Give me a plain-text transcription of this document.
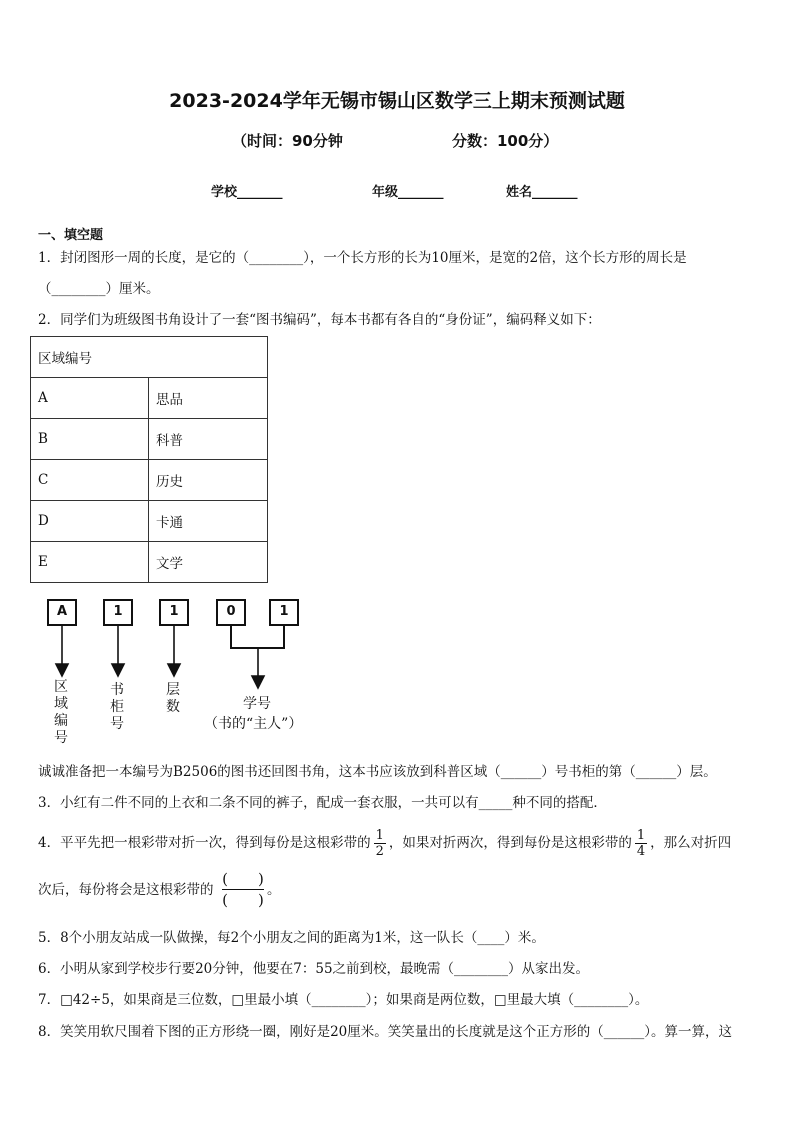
2023-2024学年无锡市锡山区数学三上期末预测试题
（时间：90分钟	分数：100分）
学校_______	年级_______	姓名_______
一、填空题
1．封闭图形一周的长度，是它的（________），一个长方形的长为10厘米，是宽的2倍，这个长方形的周长是
（________）厘米。
2．同学们为班级图书角设计了一套“图书编码”，每本书都有各自的“身份证”，编码释义如下：
区域编号	
A	思品
B	科普
C	历史
D	卡通
E	文学
A	1	1	0	1
区
域
编
号
书
柜
号
层
数	学号
（书的“主人”）
诚诚准备把一本编号为B2506的图书还回图书角，这本书应该放到科普区域（______）号书柜的第（______）层。
3．小红有二件不同的上衣和二条不同的裤子，配成一套衣服，一共可以有_____种不同的搭配．
4．平平先把一根彩带对折一次，得到每份是这根彩带的 $\frac{1}{2}$ ，如果对折两次，得到每份是这根彩带的 $\frac{1}{4}$ ，那么对折四
次后，每份将会是这根彩带的
(　　)
(　　)
。
5．8个小朋友站成一队做操，每2个小朋友之间的距离为1米，这一队长（____）米。
6．小明从家到学校步行要20分钟，他要在7：55之前到校，最晚需（________）从家出发。
7．□42÷5，如果商是三位数，□里最小填（________）；如果商是两位数，□里最大填（________）。
8．笑笑用软尺围着下图的正方形绕一圈，刚好是20厘米。笑笑量出的长度就是这个正方形的（______）。算一算，这
